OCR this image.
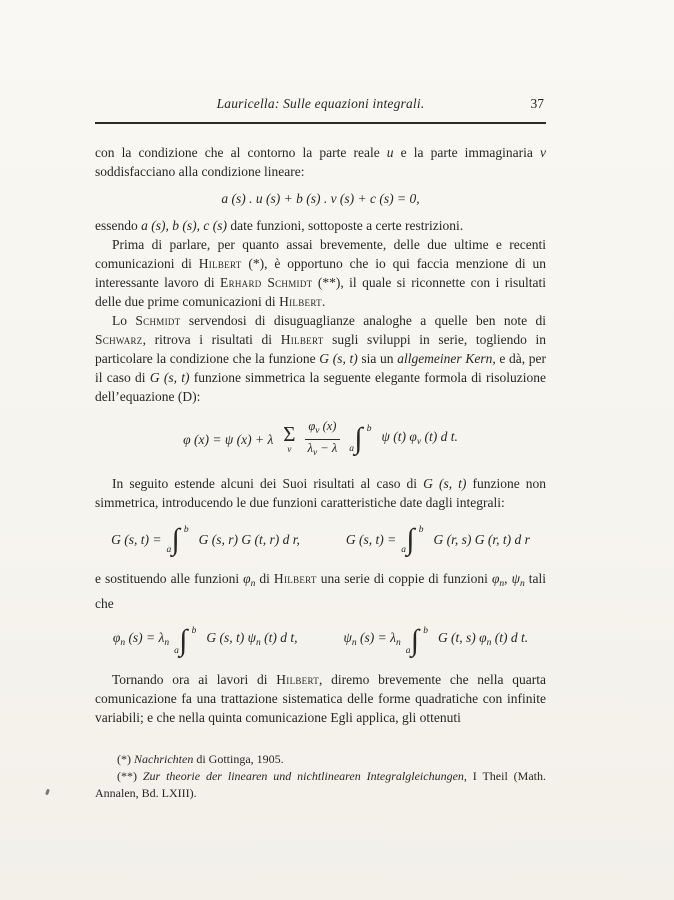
Lauricella: Sulle equazioni integrali.	37

con la condizione che al contorno la parte reale u e la parte immaginaria v soddisfacciano alla condizione lineare:

a (s) . u (s) + b (s) . v (s) + c (s) = 0,

essendo a (s), b (s), c (s) date funzioni, sottoposte a certe restrizioni.

Prima di parlare, per quanto assai brevemente, delle due ultime e recenti comunicazioni di Hilbert (*), è opportuno che io qui faccia menzione di un interessante lavoro di Erhard Schmidt (**), il quale si riconnette con i risultati delle due prime comunicazioni di Hilbert.

Lo Schmidt servendosi di disuguaglianze analoghe a quelle ben note di Schwarz, ritrova i risultati di Hilbert sugli sviluppi in serie, togliendo in particolare la condizione che la funzione G (s, t) sia un allgemeiner Kern, e dà, per il caso di G (s, t) funzione simmetrica la seguente elegante formola di risoluzione dell’equazione (D):

φ (x) = ψ (x) + λ Σ
ν $\frac{\varphi_\nu (x)}{\lambda_\nu - \lambda}$ ∫ b
a
ψ (t) $\varphi_\nu$ (t) d t.

In seguito estende alcuni dei Suoi risultati al caso di G (s, t) funzione non simmetrica, introducendo le due funzioni caratteristiche date dagli integrali:

G (s, t) = ∫ b
a
G (s, r) G (t, r) d r,	G (s, t) = ∫ b
a
G (r, s) G (r, t) d r

e sostituendo alle funzioni $\varphi_n$ di Hilbert una serie di coppie di funzioni $\varphi_n$, $\psi_n$ tali che

$\varphi_n$ $(s) = \lambda_n$ ∫ b
a
G (s, t) $\psi_n$ (t) d t,	$\psi_n$ $(s) = \lambda_n$ ∫ b
a
G (t, s) $\varphi_n$ (t) d t.

Tornando ora ai lavori di Hilbert, diremo brevemente che nella quarta comunicazione fa una trattazione sistematica delle forme quadratiche con infinite variabili; e che nella quinta comunicazione Egli applica, gli ottenuti

(*) Nachrichten di Gottinga, 1905.

(**) Zur theorie der linearen und nichtlinearen Integralgleichungen, I Theil (Math. Annalen, Bd. LXIII).
